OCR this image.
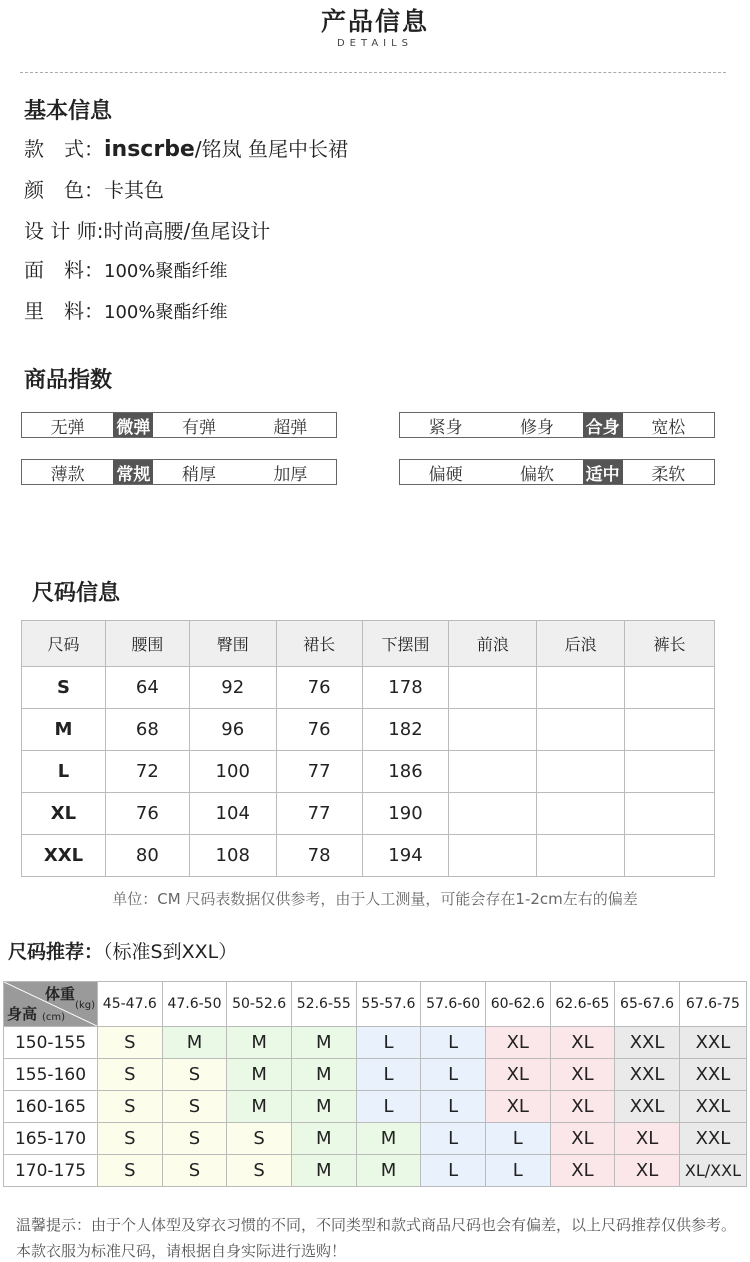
产品信息
DETAILS
基本信息
款　式：inscrbe/铭岚 鱼尾中长裙
颜　色：卡其色
设 计 师:时尚高腰/鱼尾设计
面　料：100%聚酯纤维
里　料：100%聚酯纤维
商品指数
无弹	微弹	有弹	超弹	紧身	修身	合身	宽松
薄款	常规	稍厚	加厚	偏硬	偏软	适中	柔软
尺码信息
尺码	腰围	臀围	裙长	下摆围	前浪	后浪	裤长
S	64	92	76	178			
M	68	96	76	182			
L	72	100	77	186			
XL	76	104	77	190			
XXL	80	108	78	194			
单位：CM 尺码表数据仅供参考，由于人工测量，可能会存在1-2cm左右的偏差
尺码推荐：（标准S到XXL）
体重
(kg)
身高 (cm)	45-47.6	47.6-50	50-52.6	52.6-55	55-57.6	57.6-60	60-62.6	62.6-65	65-67.6	67.6-75
150-155	S	M	M	M	L	L	XL	XL	XXL	XXL
155-160	S	S	M	M	L	L	XL	XL	XXL	XXL
160-165	S	S	M	M	L	L	XL	XL	XXL	XXL
165-170	S	S	S	M	M	L	L	XL	XL	XXL
170-175	S	S	S	M	M	L	L	XL	XL	XL/XXL
温馨提示：由于个人体型及穿衣习惯的不同，不同类型和款式商品尺码也会有偏差，以上尺码推荐仅供参考。本款衣服为标准尺码，请根据自身实际进行选购！
